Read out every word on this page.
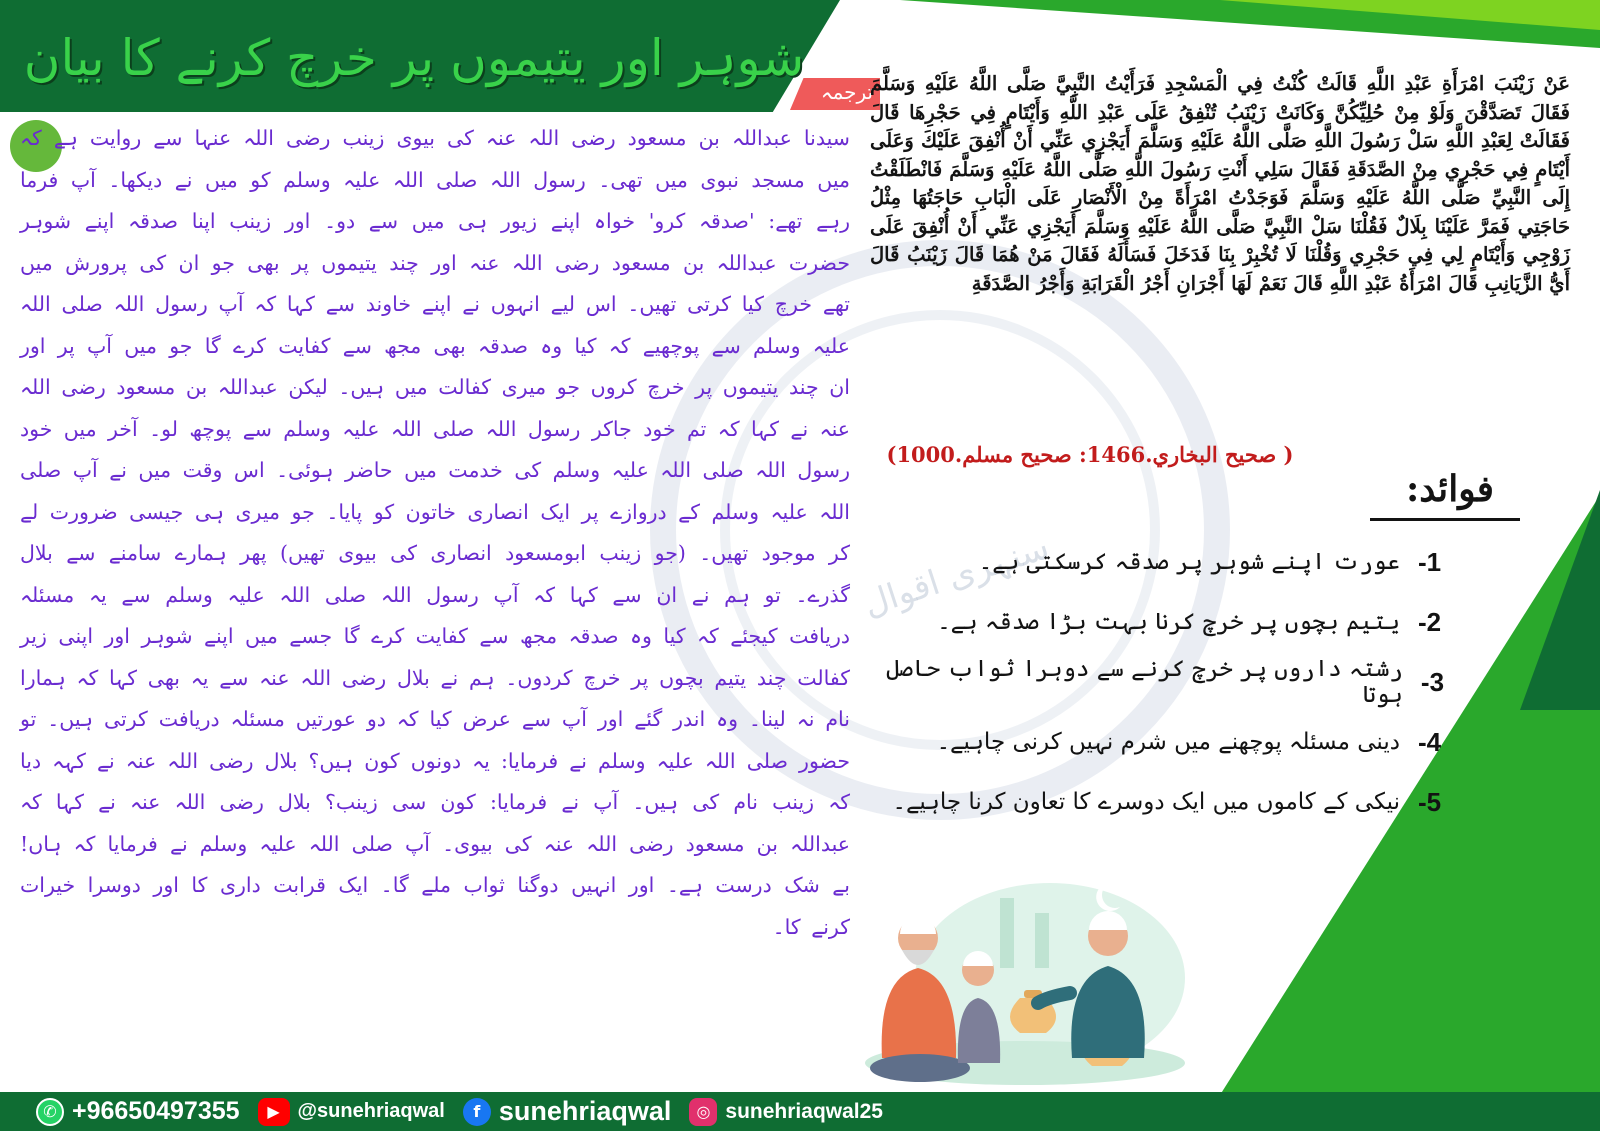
سنہری اقوال
شوہر اور یتیموں پر خرچ کرنے کا بیان
ترجمہ
سیدنا عبداللہ بن مسعود رضی اللہ عنہ کی بیوی زینب رضی اللہ عنہا سے روایت ہے کہ میں مسجد نبوی میں تھی۔ رسول اللہ صلی اللہ علیہ وسلم کو میں نے دیکھا۔ آپ فرما رہے تھے: 'صدقہ کرو' خواہ اپنے زیور ہی میں سے دو۔ اور زینب اپنا صدقہ اپنے شوہر حضرت عبداللہ بن مسعود رضی اللہ عنہ اور چند یتیموں پر بھی جو ان کی پرورش میں تھے خرچ کیا کرتی تھیں۔ اس لیے انہوں نے اپنے خاوند سے کہا کہ آپ رسول اللہ صلی اللہ علیہ وسلم سے پوچھیے کہ کیا وہ صدقہ بھی مجھ سے کفایت کرے گا جو میں آپ پر اور ان چند یتیموں پر خرچ کروں جو میری کفالت میں ہیں۔ لیکن عبداللہ بن مسعود رضی اللہ عنہ نے کہا کہ تم خود جاکر رسول اللہ صلی اللہ علیہ وسلم سے پوچھ لو۔ آخر میں خود رسول اللہ صلی اللہ علیہ وسلم کی خدمت میں حاضر ہوئی۔ اس وقت میں نے آپ صلی اللہ علیہ وسلم کے دروازے پر ایک انصاری خاتون کو پایا۔ جو میری ہی جیسی ضرورت لے کر موجود تھیں۔ (جو زینب ابومسعود انصاری کی بیوی تھیں) پھر ہمارے سامنے سے بلال گذرے۔ تو ہم نے ان سے کہا کہ آپ رسول اللہ صلی اللہ علیہ وسلم سے یہ مسئلہ دریافت کیجئے کہ کیا وہ صدقہ مجھ سے کفایت کرے گا جسے میں اپنے شوہر اور اپنی زیر کفالت چند یتیم بچوں پر خرچ کردوں۔ ہم نے بلال رضی اللہ عنہ سے یہ بھی کہا کہ ہمارا نام نہ لینا۔ وہ اندر گئے اور آپ سے عرض کیا کہ دو عورتیں مسئلہ دریافت کرتی ہیں۔ تو حضور صلی اللہ علیہ وسلم نے فرمایا: یہ دونوں کون ہیں؟ بلال رضی اللہ عنہ نے کہہ دیا کہ زینب نام کی ہیں۔ آپ نے فرمایا: کون سی زینب؟ بلال رضی اللہ عنہ نے کہا کہ عبداللہ بن مسعود رضی اللہ عنہ کی بیوی۔ آپ صلی اللہ علیہ وسلم نے فرمایا کہ ہاں! بے شک درست ہے۔ اور انہیں دوگنا ثواب ملے گا۔ ایک قرابت داری کا اور دوسرا خیرات کرنے کا۔
عَنْ زَيْنَبَ امْرَأَةِ عَبْدِ اللَّهِ قَالَتْ كُنْتُ فِي الْمَسْجِدِ فَرَأَيْتُ النَّبِيَّ صَلَّى اللَّهُ عَلَيْهِ وَسَلَّمَ فَقَالَ تَصَدَّقْنَ وَلَوْ مِنْ حُلِيِّكُنَّ وَكَانَتْ زَيْنَبُ تُنْفِقُ عَلَى عَبْدِ اللَّهِ وَأَيْتَامٍ فِي حَجْرِهَا قَالَ فَقَالَتْ لِعَبْدِ اللَّهِ سَلْ رَسُولَ اللَّهِ صَلَّى اللَّهُ عَلَيْهِ وَسَلَّمَ أَيَجْزِي عَنِّي أَنْ أُنْفِقَ عَلَيْكَ وَعَلَى أَيْتَامٍ فِي حَجْرِي مِنْ الصَّدَقَةِ فَقَالَ سَلِي أَنْتِ رَسُولَ اللَّهِ صَلَّى اللَّهُ عَلَيْهِ وَسَلَّمَ فَانْطَلَقْتُ إِلَى النَّبِيِّ صَلَّى اللَّهُ عَلَيْهِ وَسَلَّمَ فَوَجَدْتُ امْرَأَةً مِنْ الْأَنْصَارِ عَلَى الْبَابِ حَاجَتُهَا مِثْلُ حَاجَتِي فَمَرَّ عَلَيْنَا بِلَالٌ فَقُلْنَا سَلْ النَّبِيَّ صَلَّى اللَّهُ عَلَيْهِ وَسَلَّمَ أَيَجْزِي عَنِّي أَنْ أُنْفِقَ عَلَى زَوْجِي وَأَيْتَامٍ لِي فِي حَجْرِي وَقُلْنَا لَا تُخْبِرْ بِنَا فَدَخَلَ فَسَأَلَهُ فَقَالَ مَنْ هُمَا قَالَ زَيْنَبُ قَالَ أَيُّ الزَّيَانِبِ قَالَ امْرَأَةُ عَبْدِ اللَّهِ قَالَ نَعَمْ لَهَا أَجْرَانِ أَجْرُ الْقَرَابَةِ وَأَجْرُ الصَّدَقَةِ
( صحیح البخاري.1466: صحیح مسلم.1000)
فوائد:
-1
عورت اپنے شوہر پر صدقہ کرسکتی ہے۔
-2
یتیم بچوں پر خرچ کرنا بہت بڑا صدقہ ہے۔
-3
رشتہ داروں پر خرچ کرنے سے دوہرا ثواب حاصل ہوتا
-4
دینی مسئلہ پوچھنے میں شرم نہیں کرنی چاہیے۔
-5
نیکی کے کاموں میں ایک دوسرے کا تعاون کرنا چاہیے۔
✆ +96650497355	▶ @sunehriaqwal	f sunehriaqwal	◎ sunehriaqwal25
